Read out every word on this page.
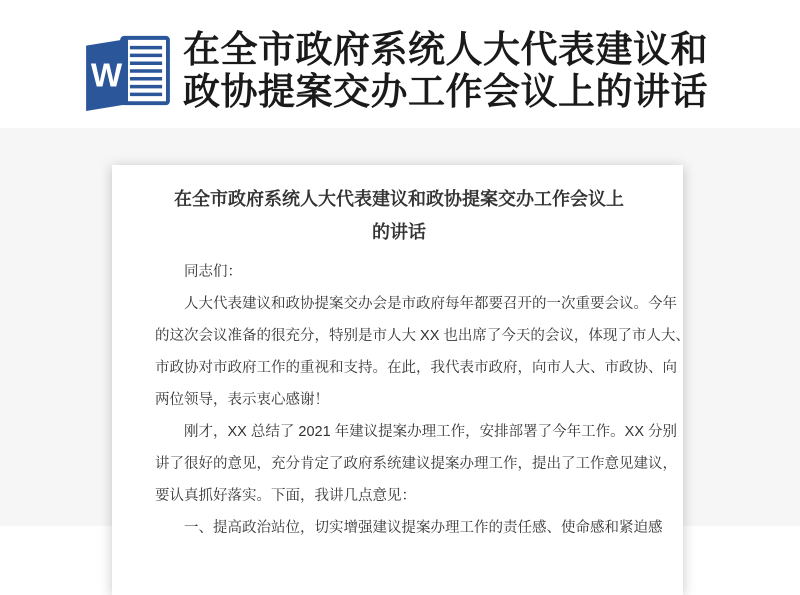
W
在全市政府系统人大代表建议和
政协提案交办工作会议上的讲话
在全市政府系统人大代表建议和政协提案交办工作会议上
的讲话
同志们：
人大代表建议和政协提案交办会是市政府每年都要召开的一次重要会议。今年
的这次会议准备的很充分，特别是市人大 XX 也出席了今天的会议，体现了市人大、
市政协对市政府工作的重视和支持。在此，我代表市政府，向市人大、市政协、向
两位领导，表示衷心感谢！
刚才，XX 总结了 2021 年建议提案办理工作，安排部署了今年工作。XX 分别
讲了很好的意见，充分肯定了政府系统建议提案办理工作，提出了工作意见建议，
要认真抓好落实。下面，我讲几点意见：
一、提高政治站位，切实增强建议提案办理工作的责任感、使命感和紧迫感
